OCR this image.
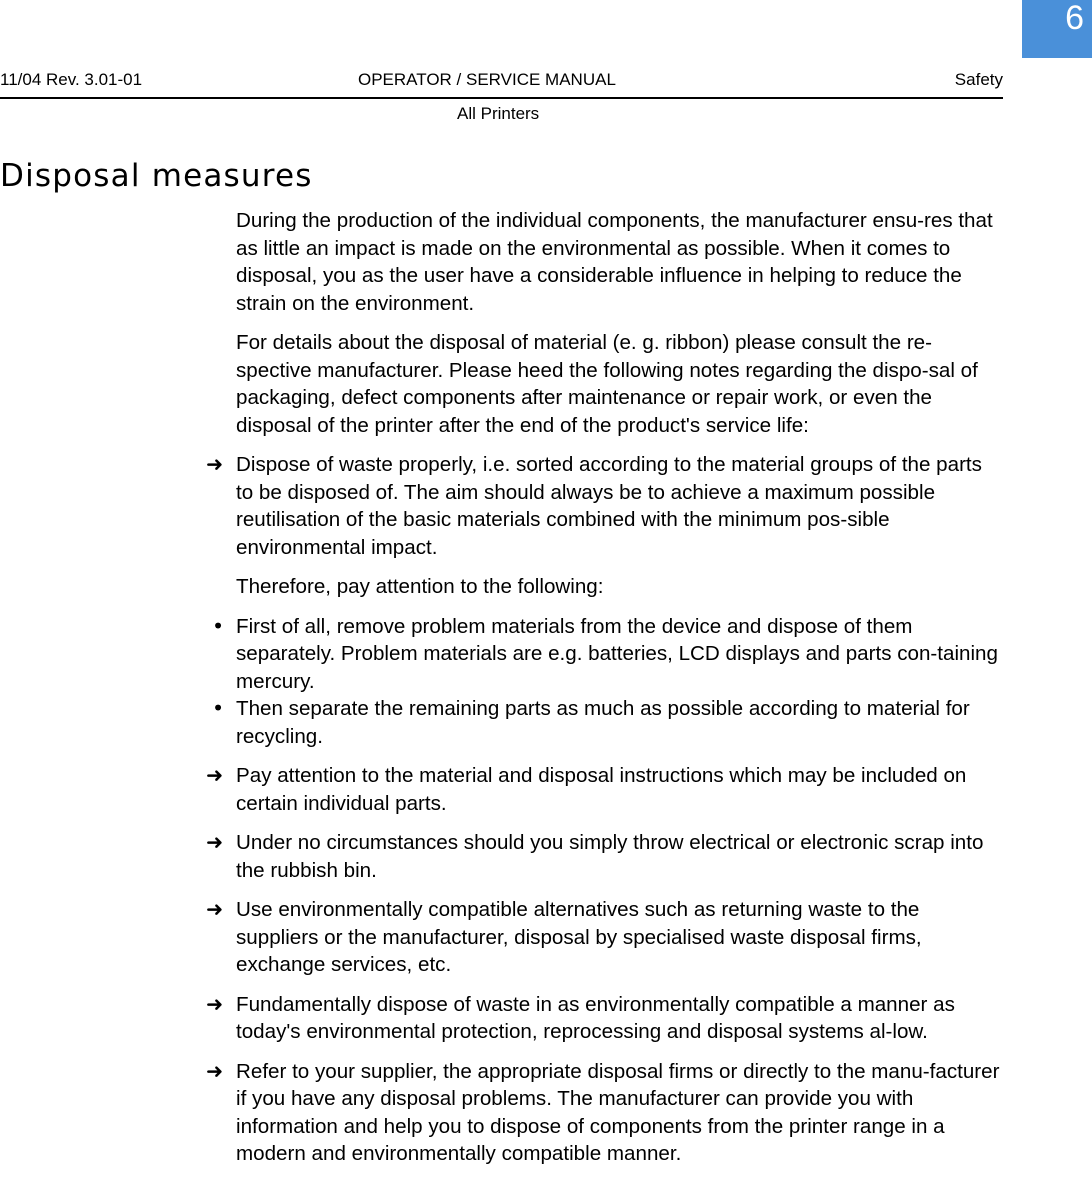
6
11/04 Rev. 3.01-01	OPERATOR / SERVICE MANUAL	Safety
All Printers
Disposal measures

During the production of the individual components, the manufacturer ensu-res that as little an impact is made on the environmental as possible. When it comes to disposal, you as the user have a considerable influence in helping to reduce the strain on the environment.

For details about the disposal of material (e. g. ribbon) please consult the re-spective manufacturer. Please heed the following notes regarding the dispo-sal of packaging, defect components after maintenance or repair work, or even the disposal of the printer after the end of the product's service life:

➜ Dispose of waste properly, i.e. sorted according to the material groups of the parts to be disposed of. The aim should always be to achieve a maximum possible reutilisation of the basic materials combined with the minimum pos-sible environmental impact.

Therefore, pay attention to the following:

• First of all, remove problem materials from the device and dispose of them separately. Problem materials are e.g. batteries, LCD displays and parts con-taining mercury.

• Then separate the remaining parts as much as possible according to material for recycling.

➜ Pay attention to the material and disposal instructions which may be included on certain individual parts.

➜ Under no circumstances should you simply throw electrical or electronic scrap into the rubbish bin.

➜ Use environmentally compatible alternatives such as returning waste to the suppliers or the manufacturer, disposal by specialised waste disposal firms, exchange services, etc.

➜ Fundamentally dispose of waste in as environmentally compatible a manner as today's environmental protection, reprocessing and disposal systems al-low.

➜ Refer to your supplier, the appropriate disposal firms or directly to the manu-facturer if you have any disposal problems. The manufacturer can provide you with information and help you to dispose of components from the printer range in a modern and environmentally compatible manner.
